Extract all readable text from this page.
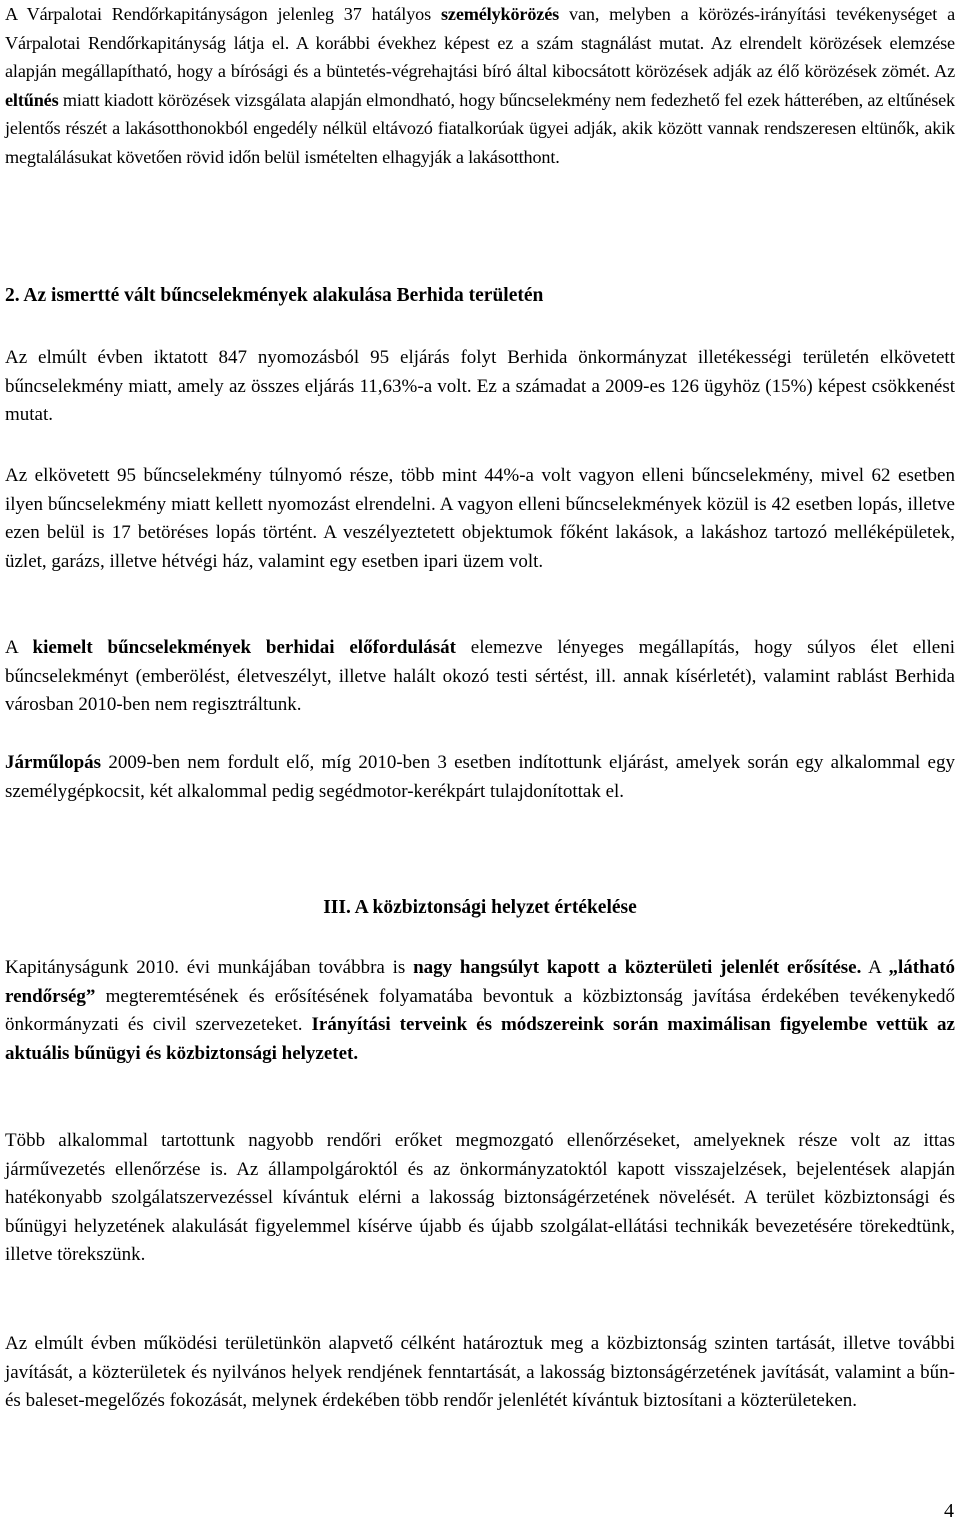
A Várpalotai Rendőrkapitányságon jelenleg 37 hatályos személykörözés van, melyben a körözés-irányítási tevékenységet a Várpalotai Rendőrkapitányság látja el. A korábbi évekhez képest ez a szám stagnálást mutat. Az elrendelt körözések elemzése alapján megállapítható, hogy a bírósági és a büntetés-végrehajtási bíró által kibocsátott körözések adják az élő körözések zömét. Az eltűnés miatt kiadott körözések vizsgálata alapján elmondható, hogy bűncselekmény nem fedezhető fel ezek hátterében, az eltűnések jelentős részét a lakásotthonokból engedély nélkül eltávozó fiatalkorúak ügyei adják, akik között vannak rendszeresen eltünők, akik megtalálásukat követően rövid időn belül ismételten elhagyják a lakásotthont.

2. Az ismertté vált bűncselekmények alakulása Berhida területén

Az elmúlt évben iktatott 847 nyomozásból 95 eljárás folyt Berhida önkormányzat illetékességi területén elkövetett bűncselekmény miatt, amely az összes eljárás 11,63%-a volt. Ez a számadat a 2009-es 126 ügyhöz (15%) képest csökkenést mutat.

Az elkövetett 95 bűncselekmény túlnyomó része, több mint 44%-a volt vagyon elleni bűncselekmény, mivel 62 esetben ilyen bűncselekmény miatt kellett nyomozást elrendelni. A vagyon elleni bűncselekmények közül is 42 esetben lopás, illetve ezen belül is 17 betöréses lopás történt. A veszélyeztetett objektumok főként lakások, a lakáshoz tartozó melléképületek, üzlet, garázs, illetve hétvégi ház, valamint egy esetben ipari üzem volt.

A kiemelt bűncselekmények berhidai előfordulását elemezve lényeges megállapítás, hogy súlyos élet elleni bűncselekményt (emberölést, életveszélyt, illetve halált okozó testi sértést, ill. annak kísérletét), valamint rablást Berhida városban 2010-ben nem regisztráltunk.

Járműlopás 2009-ben nem fordult elő, míg 2010-ben 3 esetben indítottunk eljárást, amelyek során egy alkalommal egy személygépkocsit, két alkalommal pedig segédmotor-kerékpárt tulajdonítottak el.

III. A közbiztonsági helyzet értékelése

Kapitányságunk 2010. évi munkájában továbbra is nagy hangsúlyt kapott a közterületi jelenlét erősítése. A „látható rendőrség” megteremtésének és erősítésének folyamatába bevontuk a közbiztonság javítása érdekében tevékenykedő önkormányzati és civil szervezeteket. Irányítási terveink és módszereink során maximálisan figyelembe vettük az aktuális bűnügyi és közbiztonsági helyzetet.

Több alkalommal tartottunk nagyobb rendőri erőket megmozgató ellenőrzéseket, amelyeknek része volt az ittas járművezetés ellenőrzése is. Az állampolgároktól és az önkormányzatoktól kapott visszajelzések, bejelentések alapján hatékonyabb szolgálatszervezéssel kívántuk elérni a lakosság biztonságérzetének növelését. A terület közbiztonsági és bűnügyi helyzetének alakulását figyelemmel kísérve újabb és újabb szolgálat-ellátási technikák bevezetésére törekedtünk, illetve törekszünk.

Az elmúlt évben működési területünkön alapvető célként határoztuk meg a közbiztonság szinten tartását, illetve további javítását, a közterületek és nyilvános helyek rendjének fenntartását, a lakosság biztonságérzetének javítását, valamint a bűn- és baleset-megelőzés fokozását, melynek érdekében több rendőr jelenlétét kívántuk biztosítani a közterületeken.

4
